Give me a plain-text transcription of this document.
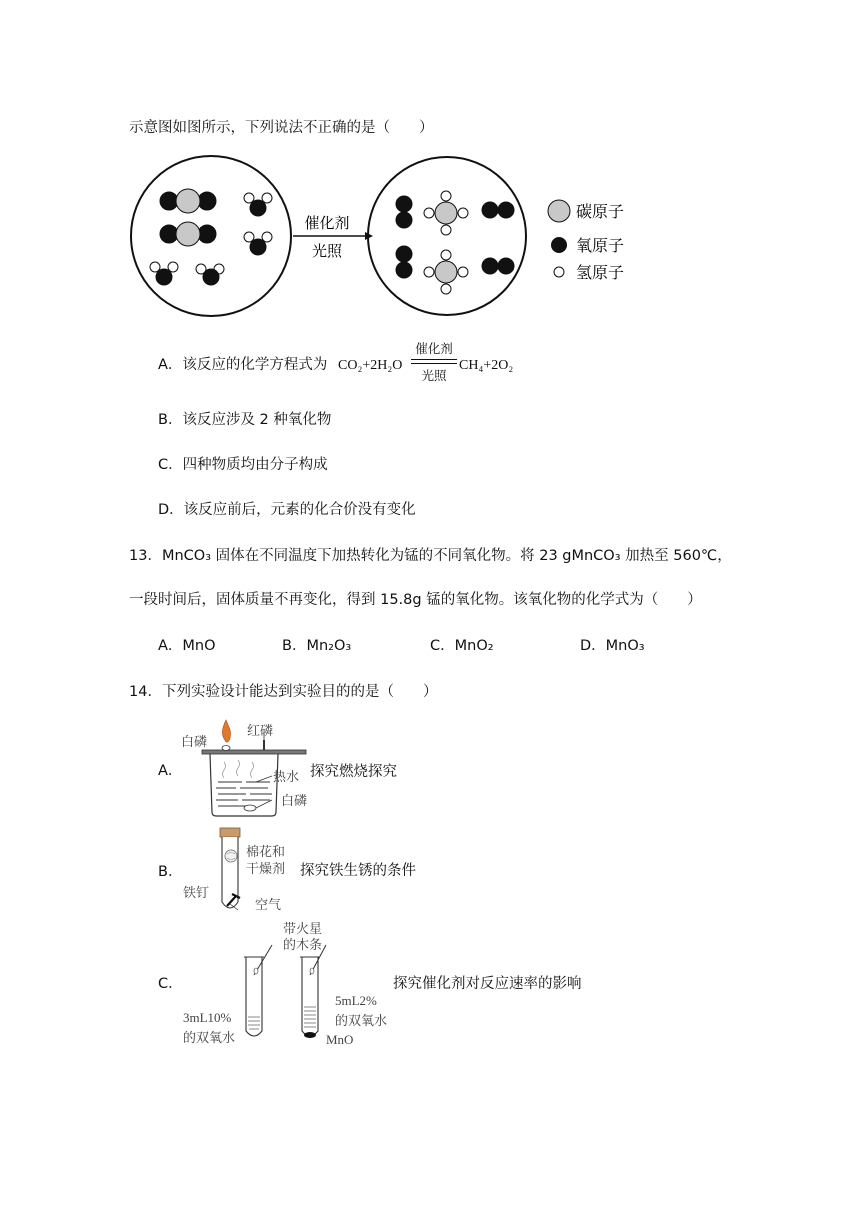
示意图如图所示，下列说法不正确的是（　　）
催化剂
光照
碳原子
氧原子
氢原子
A．该反应的化学方程式为 CO₂+2H₂O
催化剂
光照
CH₄+2O₂
B．该反应涉及 2 种氧化物
C．四种物质均由分子构成
D．该反应前后，元素的化合价没有变化
13．MnCO₃ 固体在不同温度下加热转化为锰的不同氧化物。将 23 gMnCO₃ 加热至 560℃，
一段时间后，固体质量不再变化，得到 15.8g 锰的氧化物。该氧化物的化学式为（　　）
A．MnO	B．Mn₂O₃	C．MnO₂	D．MnO₃
14．下列实验设计能达到实验目的的是（　　）
A．
白磷
红磷
热水
白磷
探究燃烧探究
B．
棉花和
干燥剂
铁钉
空气
探究铁生锈的条件
C．
带火星
的木条
3mL10%
的双氧水
5mL2%
的双氧水
MnO
探究催化剂对反应速率的影响
